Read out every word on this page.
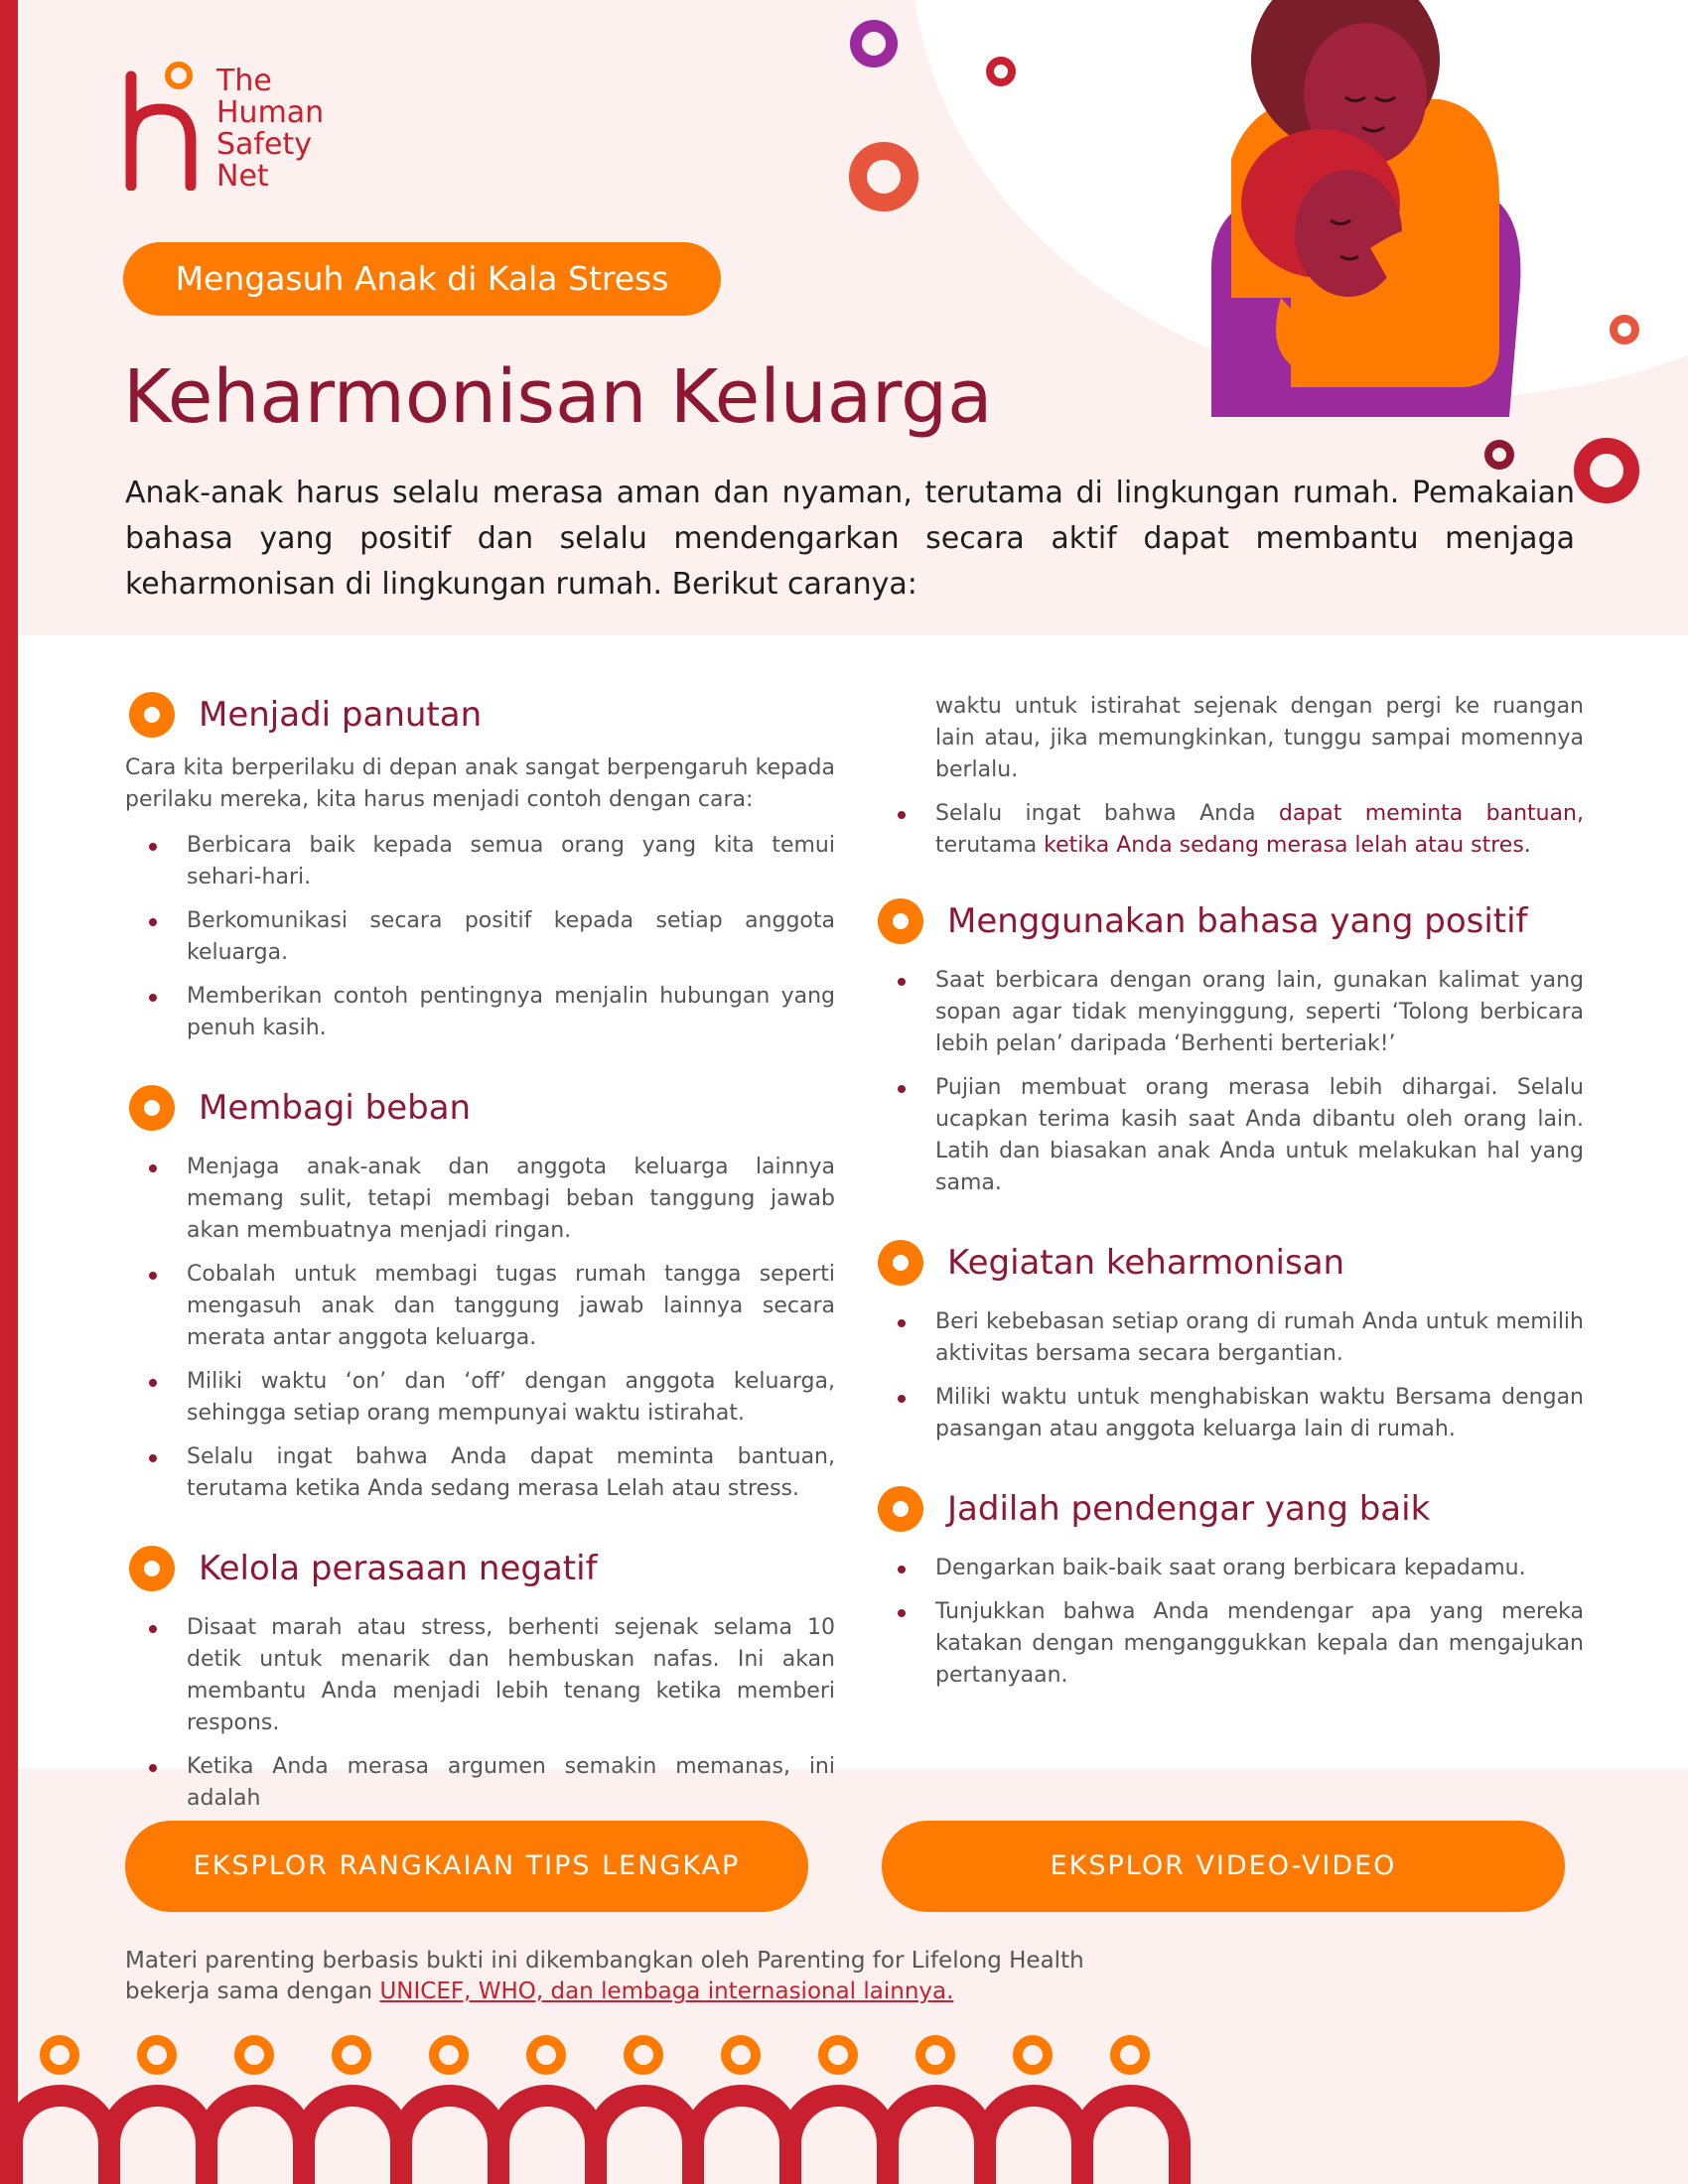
The
Human
Safety
Net
Mengasuh Anak di Kala Stress
Keharmonisan Keluarga
Anak-anak harus selalu merasa aman dan nyaman, terutama di lingkungan rumah. Pemakaian bahasa yang positif dan selalu mendengarkan secara aktif dapat membantu menjaga keharmonisan di lingkungan rumah. Berikut caranya:
Menjadi panutan
Cara kita berperilaku di depan anak sangat berpengaruh kepada perilaku mereka, kita harus menjadi contoh dengan cara:
Berbicara baik kepada semua orang yang kita temui sehari-hari.
Berkomunikasi secara positif kepada setiap anggota keluarga.
Memberikan contoh pentingnya menjalin hubungan yang penuh kasih.
Membagi beban
Menjaga anak-anak dan anggota keluarga lainnya memang sulit, tetapi membagi beban tanggung jawab akan membuatnya menjadi ringan.
Cobalah untuk membagi tugas rumah tangga seperti mengasuh anak dan tanggung jawab lainnya secara merata antar anggota keluarga.
Miliki waktu ‘on’ dan ‘off’ dengan anggota keluarga, sehingga setiap orang mempunyai waktu istirahat.
Selalu ingat bahwa Anda dapat meminta bantuan, terutama ketika Anda sedang merasa Lelah atau stress.
Kelola perasaan negatif
Disaat marah atau stress, berhenti sejenak selama 10 detik untuk menarik dan hembuskan nafas. Ini akan membantu Anda menjadi lebih tenang ketika memberi respons.
Ketika Anda merasa argumen semakin memanas, ini adalah
waktu untuk istirahat sejenak dengan pergi ke ruangan lain atau, jika memungkinkan, tunggu sampai momennya berlalu.
Selalu ingat bahwa Anda dapat meminta bantuan, terutama ketika Anda sedang merasa lelah atau stres.
Menggunakan bahasa yang positif
Saat berbicara dengan orang lain, gunakan kalimat yang sopan agar tidak menyinggung, seperti ‘Tolong berbicara lebih pelan’ daripada ‘Berhenti berteriak!’
Pujian membuat orang merasa lebih dihargai. Selalu ucapkan terima kasih saat Anda dibantu oleh orang lain. Latih dan biasakan anak Anda untuk melakukan hal yang sama.
Kegiatan keharmonisan
Beri kebebasan setiap orang di rumah Anda untuk memilih aktivitas bersama secara bergantian.
Miliki waktu untuk menghabiskan waktu Bersama dengan pasangan atau anggota keluarga lain di rumah.
Jadilah pendengar yang baik
Dengarkan baik-baik saat orang berbicara kepadamu.
Tunjukkan bahwa Anda mendengar apa yang mereka katakan dengan menganggukkan kepala dan mengajukan pertanyaan.
EKSPLOR RANGKAIAN TIPS LENGKAP	EKSPLOR VIDEO-VIDEO
Materi parenting berbasis bukti ini dikembangkan oleh Parenting for Lifelong Health
bekerja sama dengan UNICEF, WHO, dan lembaga internasional lainnya.
